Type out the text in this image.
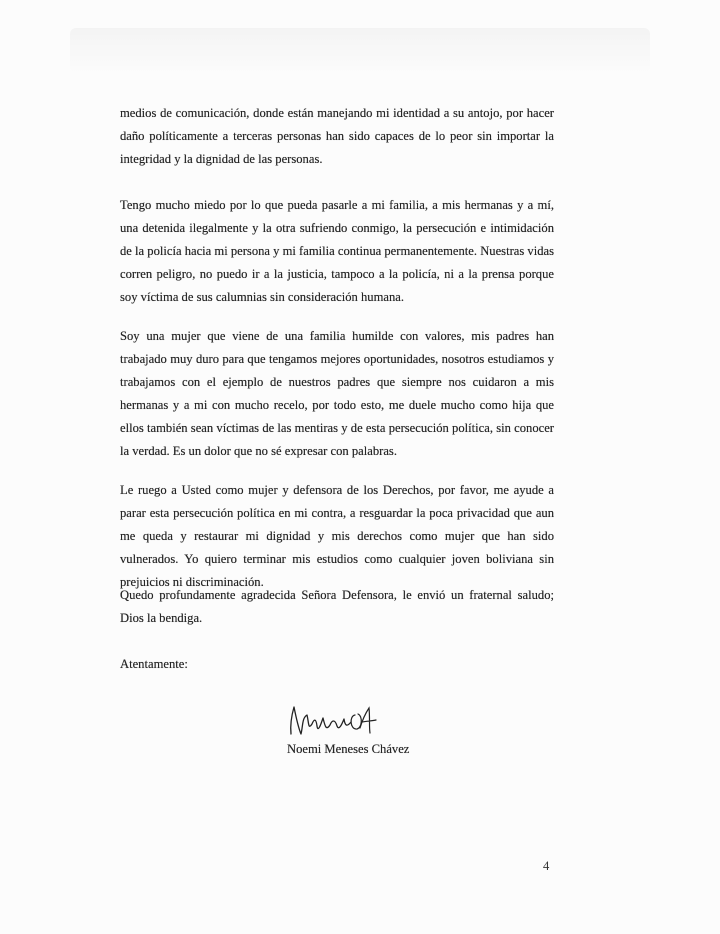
medios de comunicación, donde están manejando mi identidad a su antojo, por hacer daño políticamente a terceras personas han sido capaces de lo peor sin importar la integridad y la dignidad de las personas.

Tengo mucho miedo por lo que pueda pasarle a mi familia, a mis hermanas y a mí, una detenida ilegalmente y la otra sufriendo conmigo, la persecución e intimidación de la policía hacia mi persona y mi familia continua permanentemente. Nuestras vidas corren peligro, no puedo ir a la justicia, tampoco a la policía, ni a la prensa porque soy víctima de sus calumnias sin consideración humana.

Soy una mujer que viene de una familia humilde con valores, mis padres han trabajado muy duro para que tengamos mejores oportunidades, nosotros estudiamos y trabajamos con el ejemplo de nuestros padres que siempre nos cuidaron a mis hermanas y a mi con mucho recelo, por todo esto, me duele mucho como hija que ellos también sean víctimas de las mentiras y de esta persecución política, sin conocer la verdad. Es un dolor que no sé expresar con palabras.

Le ruego a Usted como mujer y defensora de los Derechos, por favor, me ayude a parar esta persecución política en mi contra, a resguardar la poca privacidad que aun me queda y restaurar mi dignidad y mis derechos como mujer que han sido vulnerados. Yo quiero terminar mis estudios como cualquier joven boliviana sin prejuicios ni discriminación.

Quedo profundamente agradecida Señora Defensora, le envió un fraternal saludo; Dios la bendiga.

Atentamente:

Noemi Meneses Chávez

4
